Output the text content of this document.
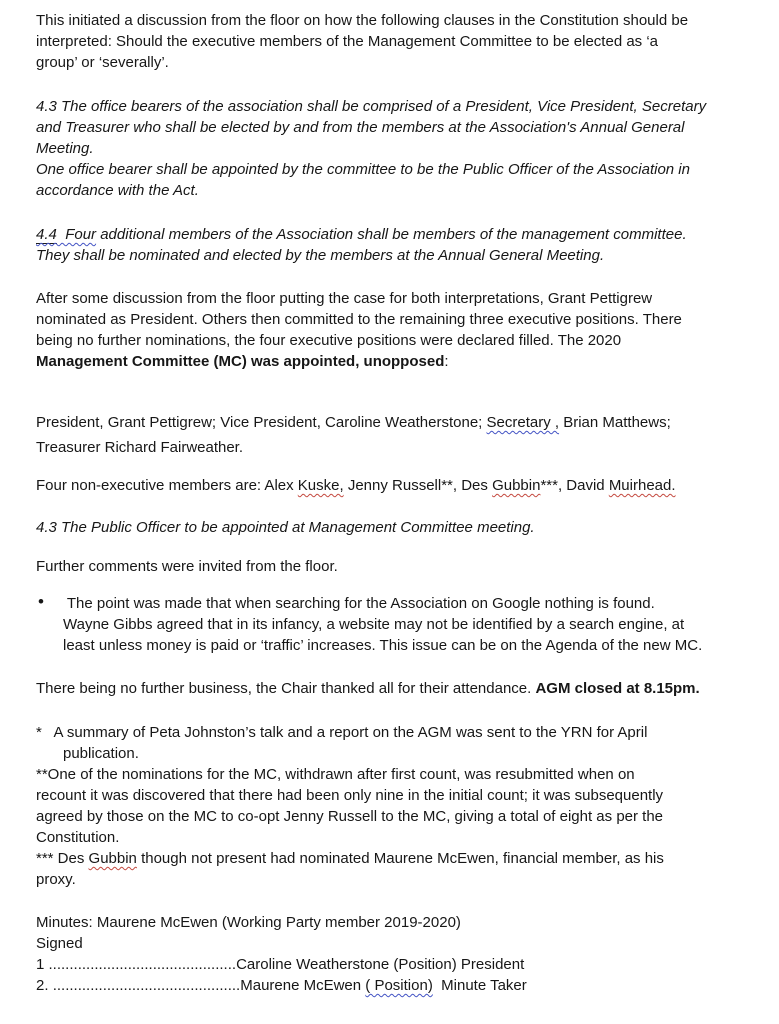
This initiated a discussion from the floor on how the following clauses in the Constitution should be
interpreted: Should the executive members of the Management Committee to be elected as ‘a
group’ or ‘severally’.

4.3 The office bearers of the association shall be comprised of a President, Vice President, Secretary
and Treasurer who shall be elected by and from the members at the Association's Annual General
Meeting.
One office bearer shall be appointed by the committee to be the Public Officer of the Association in
accordance with the Act.

4.4  Four additional members of the Association shall be members of the management committee.
They shall be nominated and elected by the members at the Annual General Meeting.

After some discussion from the floor putting the case for both interpretations, Grant Pettigrew
nominated as President. Others then committed to the remaining three executive positions. There
being no further nominations, the four executive positions were declared filled. The 2020
Management Committee (MC) was appointed, unopposed:

President, Grant Pettigrew; Vice President, Caroline Weatherstone; Secretary , Brian Matthews;
Treasurer Richard Fairweather.

Four non-executive members are: Alex Kuske, Jenny Russell**, Des Gubbin***, David Muirhead.

4.3 The Public Officer to be appointed at Management Committee meeting.

Further comments were invited from the floor.

• The point was made that when searching for the Association on Google nothing is found.
Wayne Gibbs agreed that in its infancy, a website may not be identified by a search engine, at
least unless money is paid or ‘traffic’ increases. This issue can be on the Agenda of the new MC.

There being no further business, the Chair thanked all for their attendance. AGM closed at 8.15pm.

*   A summary of Peta Johnston’s talk and a report on the AGM was sent to the YRN for April
publication.

**One of the nominations for the MC, withdrawn after first count, was resubmitted when on
recount it was discovered that there had been only nine in the initial count; it was subsequently
agreed by those on the MC to co-opt Jenny Russell to the MC, giving a total of eight as per the
Constitution.

*** Des Gubbin though not present had nominated Maurene McEwen, financial member, as his
proxy.

Minutes: Maurene McEwen (Working Party member 2019-2020)

Signed

1 .............................................Caroline Weatherstone (Position) President

2. .............................................Maurene McEwen ( Position)  Minute Taker
